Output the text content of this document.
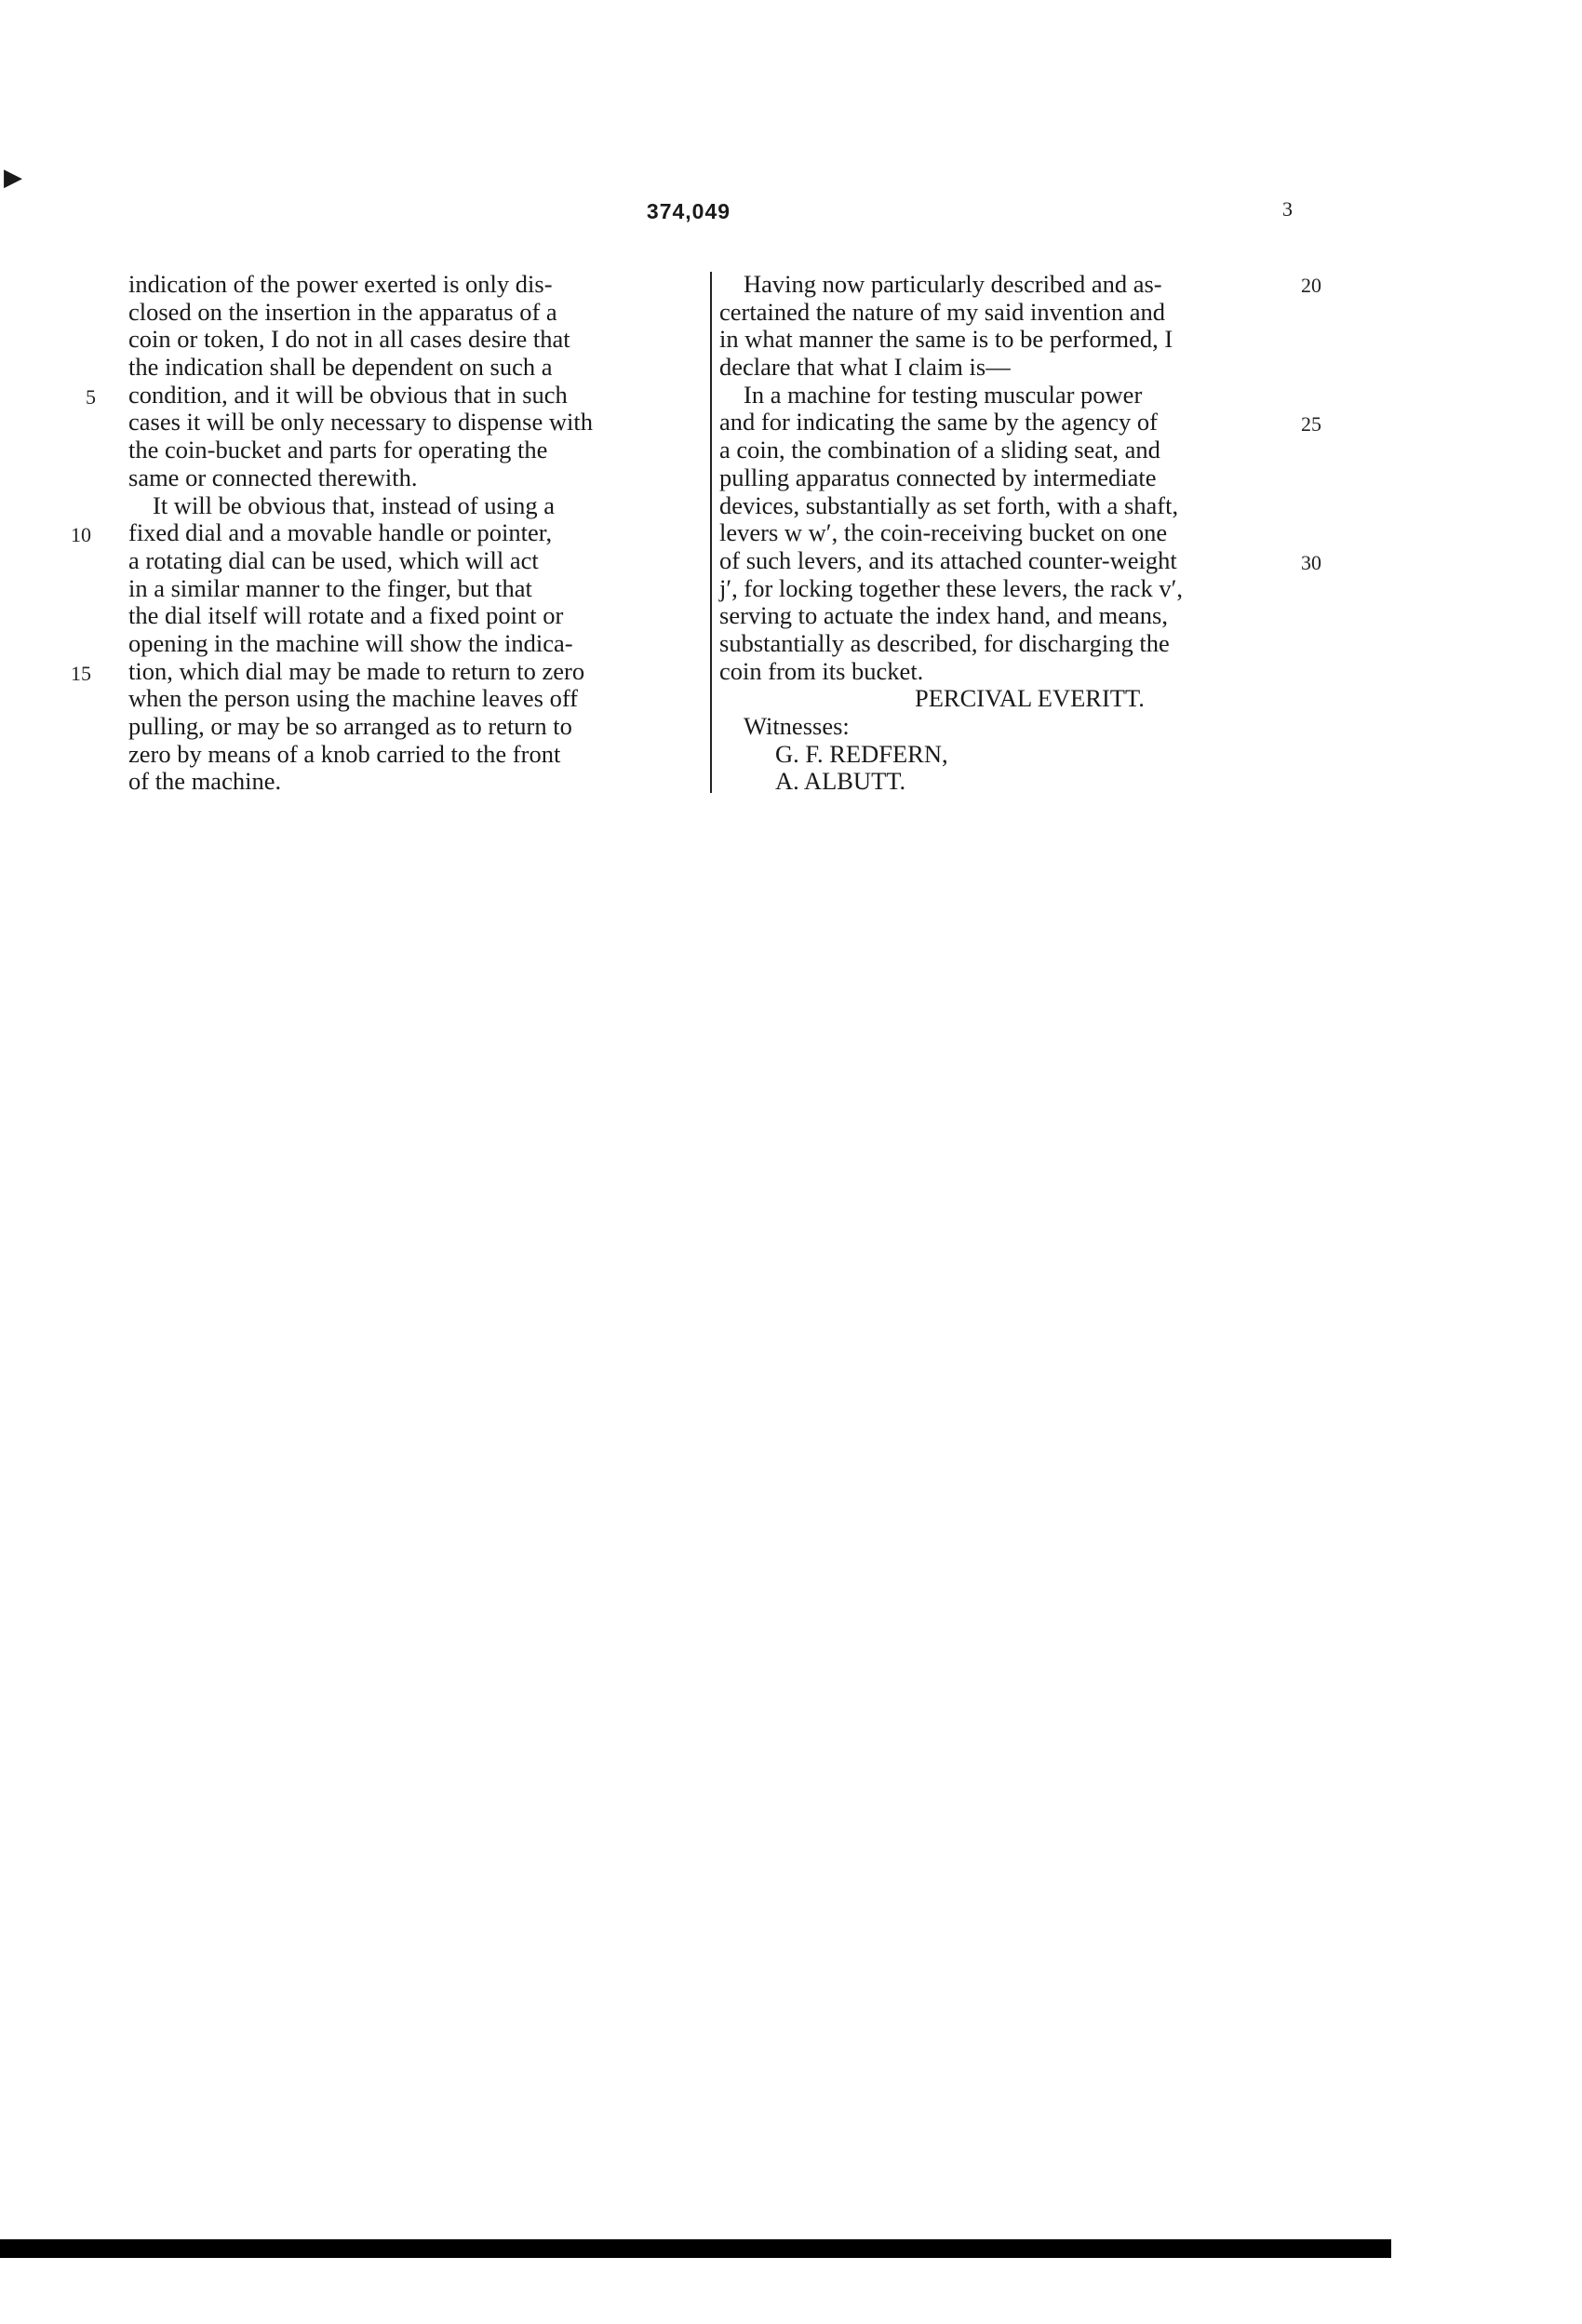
▶
374,049	3
indication of the power exerted is only dis-
closed on the insertion in the apparatus of a
coin or token, I do not in all cases desire that
the indication shall be dependent on such a
condition, and it will be obvious that in such
cases it will be only necessary to dispense with
the coin-bucket and parts for operating the
same or connected therewith.
It will be obvious that, instead of using a
fixed dial and a movable handle or pointer,
a rotating dial can be used, which will act
in a similar manner to the finger, but that
the dial itself will rotate and a fixed point or
opening in the machine will show the indica-
tion, which dial may be made to return to zero
when the person using the machine leaves off
pulling, or may be so arranged as to return to
zero by means of a knob carried to the front
of the machine.
5
10
15
Having now particularly described and as-
certained the nature of my said invention and
in what manner the same is to be performed, I
declare that what I claim is—
In a machine for testing muscular power
and for indicating the same by the agency of
a coin, the combination of a sliding seat, and
pulling apparatus connected by intermediate
devices, substantially as set forth, with a shaft,
levers w w′, the coin-receiving bucket on one
of such levers, and its attached counter-weight
j′, for locking together these levers, the rack v′,
serving to actuate the index hand, and means,
substantially as described, for discharging the
coin from its bucket.
PERCIVAL EVERITT.
Witnesses:
G. F. REDFERN,
A. ALBUTT.
20
25
30
